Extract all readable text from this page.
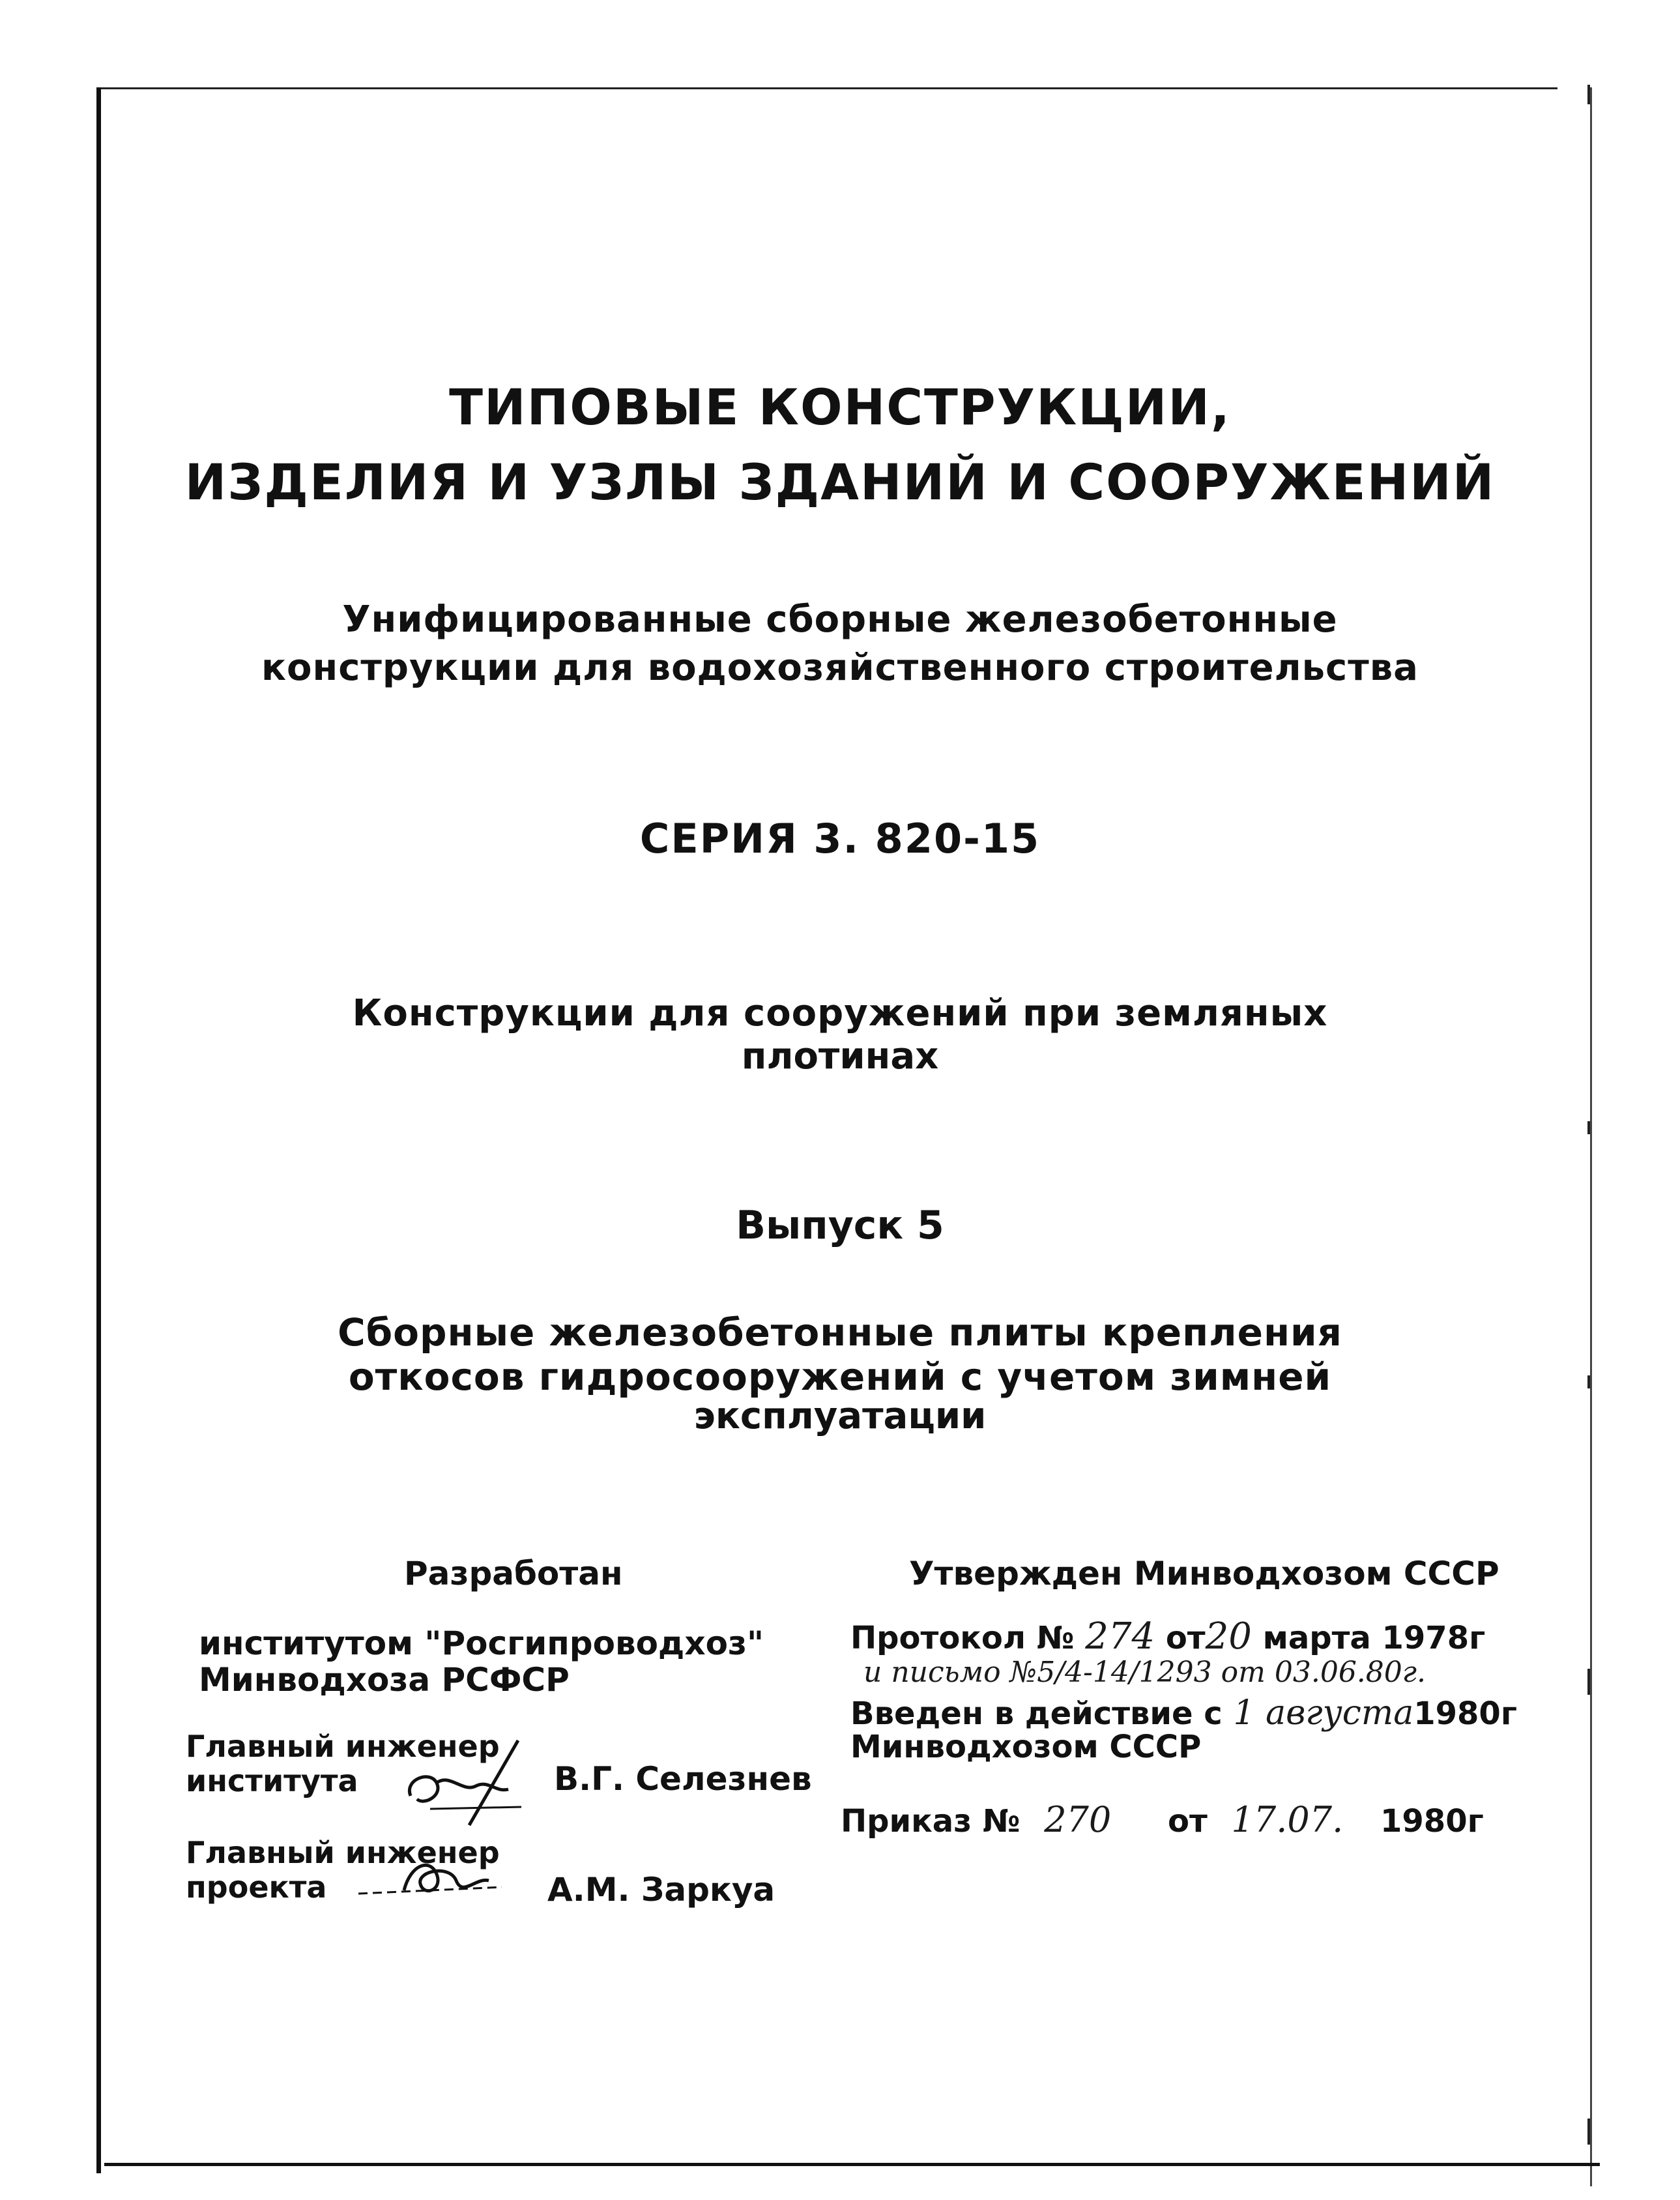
ТИПОВЫЕ КОНСТРУКЦИИ,
ИЗДЕЛИЯ И УЗЛЫ ЗДАНИЙ И СООРУЖЕНИЙ
Унифицированные сборные железобетонные
конструкции для водохозяйственного строительства
СЕРИЯ 3. 820-15
Конструкции для сооружений при земляных
плотинах
Выпуск 5
Сборные железобетонные плиты крепления
откосов гидросооружений с учетом зимней
эксплуатации
Разработан
институтом "Росгипроводхоз"
Минводхоза РСФСР
Главный инженер
института	В.Г. Селезнев
Главный инженер
проекта	А.М. Заркуа
Утвержден Минводхозом СССР
Протокол № 274 от20 марта 1978г
и письмо №5/4-14/1293 от 03.06.80г.
Введен в действие с 1 августа1980г
Минводхозом СССР
Приказ № 270 от 17.07. 1980г
